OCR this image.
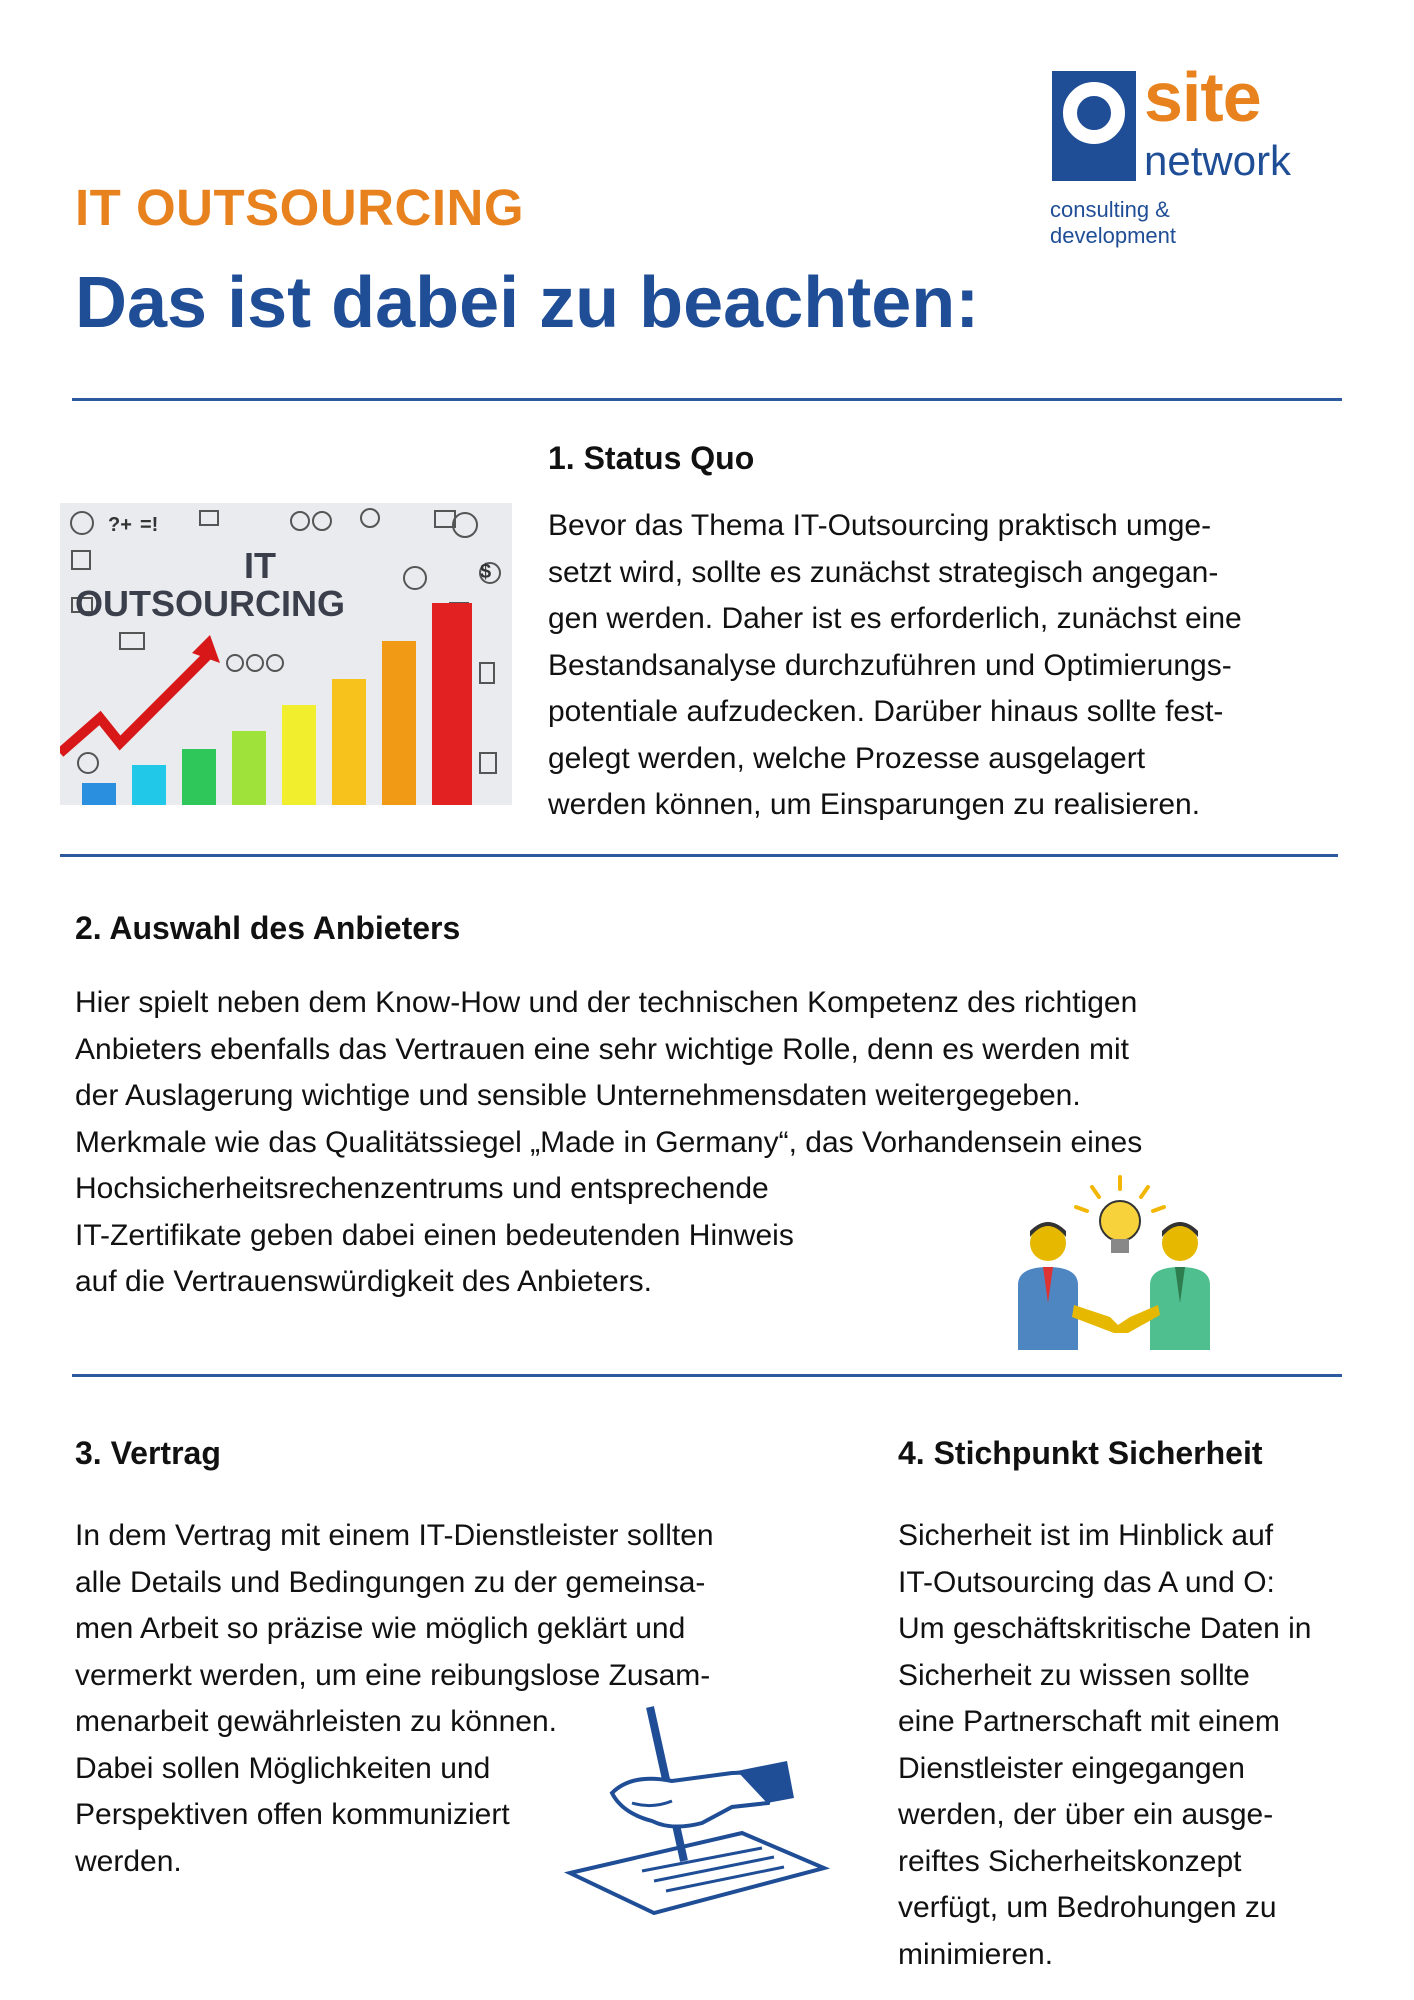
site
network
consulting & development
IT OUTSOURCING
Das ist dabei zu beachten:
?+ =!
$
IT
OUTSOURCING
1. Status Quo

Bevor das Thema IT-Outsourcing praktisch umge-
setzt wird, sollte es zunächst strategisch angegan-
gen werden. Daher ist es erforderlich, zunächst eine
Bestandsanalyse durchzuführen und Optimierungs-
potentiale aufzudecken. Darüber hinaus sollte fest-
gelegt werden, welche Prozesse ausgelagert
werden können, um Einsparungen zu realisieren.

2. Auswahl des Anbieters

Hier spielt neben dem Know-How und der technischen Kompetenz des richtigen
Anbieters ebenfalls das Vertrauen eine sehr wichtige Rolle, denn es werden mit
der Auslagerung wichtige und sensible Unternehmensdaten weitergegeben.
Merkmale wie das Qualitätssiegel „Made in Germany“, das Vorhandensein eines
Hochsicherheitsrechenzentrums und entsprechende
IT-Zertifikate geben dabei einen bedeutenden Hinweis
auf die Vertrauenswürdigkeit des Anbieters.

3. Vertrag

In dem Vertrag mit einem IT-Dienstleister sollten
alle Details und Bedingungen zu der gemeinsa-
men Arbeit so präzise wie möglich geklärt und
vermerkt werden, um eine reibungslose Zusam-
menarbeit gewährleisten zu können.
Dabei sollen Möglichkeiten und
Perspektiven offen kommuniziert
werden.

4. Stichpunkt Sicherheit

Sicherheit ist im Hinblick auf
IT-Outsourcing das A und O:
Um geschäftskritische Daten in
Sicherheit zu wissen sollte
eine Partnerschaft mit einem
Dienstleister eingegangen
werden, der über ein ausge-
reiftes Sicherheitskonzept
verfügt, um Bedrohungen zu
minimieren.
